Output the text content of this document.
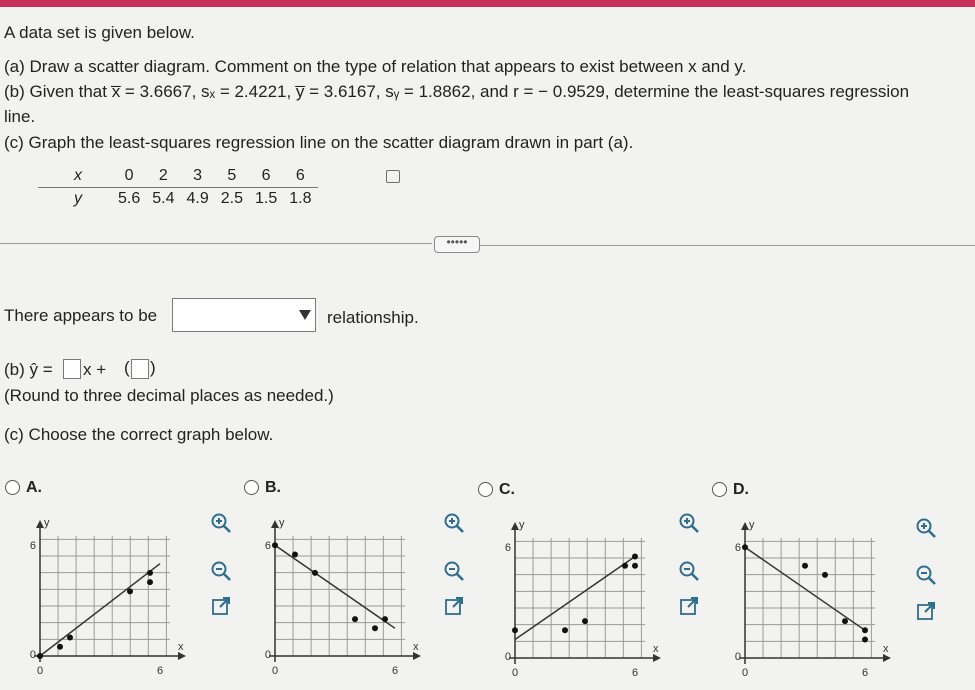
A data set is given below.
(a) Draw a scatter diagram. Comment on the type of relation that appears to exist between x and y.
(b) Given that x̅ = 3.6667, sₓ = 2.4221, y̅ = 3.6167, sᵧ = 1.8862, and r = − 0.9529, determine the least-squares regression
line.
(c) Graph the least-squares regression line on the scatter diagram drawn in part (a).
x	0	2	3	5	6	6
y	5.6	5.4	4.9	2.5	1.5	1.8
•••••
There appears to be	relationship.
(b) ŷ = x + ( )
(Round to three decimal places as needed.)
(c) Choose the correct graph below.
A.	B.	C.	D.
y
6
0
0	6
x
y
6
0
0	6
x
y
6
0
0	6
x
y
6
0
0	6
x
